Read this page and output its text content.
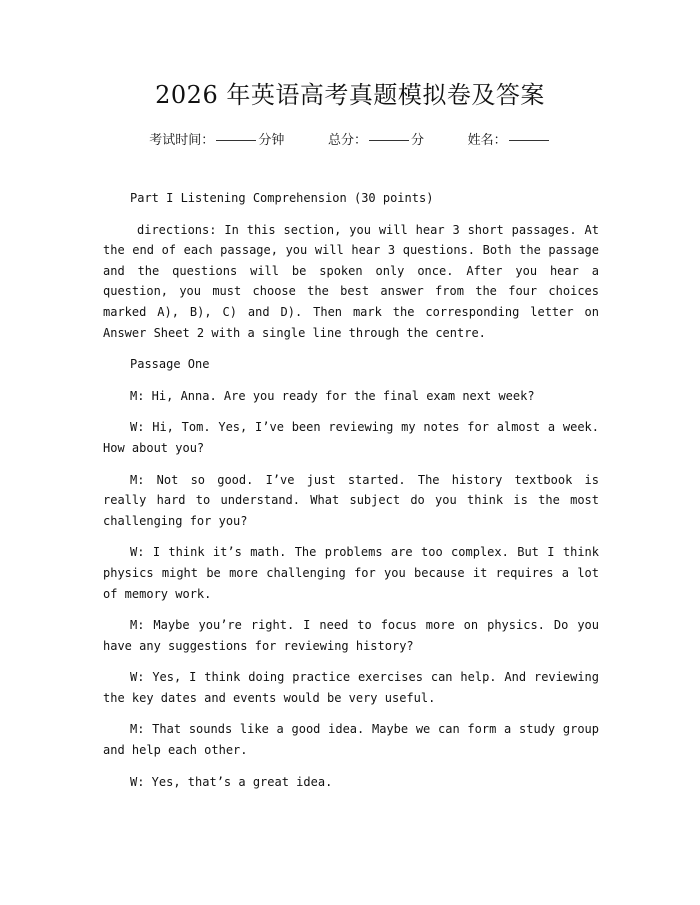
2026 年英语高考真题模拟卷及答案
考试时间：	分钟	总分：	分	姓名：

Part I Listening Comprehension (30 points)

directions: In this section, you will hear 3 short passages. At the end of each passage, you will hear 3 questions. Both the passage and the questions will be spoken only once. After you hear a question, you must choose the best answer from the four choices marked A), B), C) and D). Then mark the corresponding letter on Answer Sheet 2 with a single line through the centre.

Passage One

M: Hi, Anna. Are you ready for the final exam next week?

W: Hi, Tom. Yes, I’ve been reviewing my notes for almost a week. How about you?

M: Not so good. I’ve just started. The history textbook is really hard to understand. What subject do you think is the most challenging for you?

W: I think it’s math. The problems are too complex. But I think physics might be more challenging for you because it requires a lot of memory work.

M: Maybe you’re right. I need to focus more on physics. Do you have any suggestions for reviewing history?

W: Yes, I think doing practice exercises can help. And reviewing the key dates and events would be very useful.

M: That sounds like a good idea. Maybe we can form a study group and help each other.

W: Yes, that’s a great idea.
